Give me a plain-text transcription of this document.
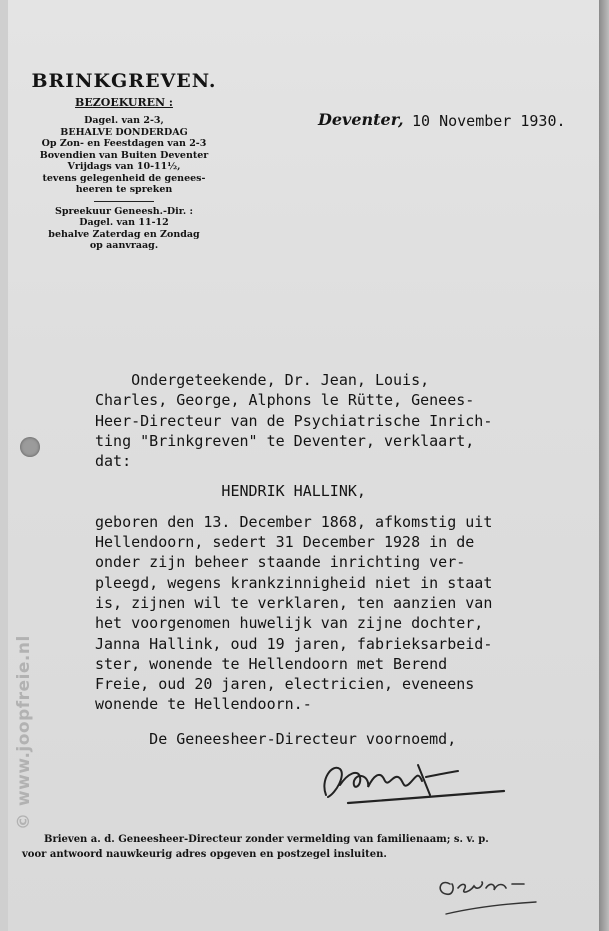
BRINKGREVEN.
BEZOEKUREN :
Dagel. van 2-3,
BEHALVE DONDERDAG
Op Zon- en Feestdagen van 2-3
Bovendien van Buiten Deventer
Vrijdags van 10-11½,
tevens gelegenheid de genees-
heeren te spreken
Spreekuur Geneesh.-Dir. :
Dagel. van 11-12
behalve Zaterdag en Zondag
op aanvraag.
Deventer, 10 November 1930.
Ondergeteekende, Dr. Jean, Louis,
Charles, George, Alphons le Rütte, Genees-
Heer-Directeur van de Psychiatrische Inrich-
ting "Brinkgreven" te Deventer, verklaart,
dat:
HENDRIK HALLINK,
geboren den 13. December 1868, afkomstig uit
Hellendoorn, sedert 31 December 1928 in de
onder zijn beheer staande inrichting ver-
pleegd, wegens krankzinnigheid niet in staat
is, zijnen wil te verklaren, ten aanzien van
het voorgenomen huwelijk van zijne dochter,
Janna Hallink, oud 19 jaren, fabrieksarbeid-
ster, wonende te Hellendoorn met Berend
Freie, oud 20 jaren, electricien, eveneens
wonende te Hellendoorn.-
De Geneesheer-Directeur voornoemd,
Brieven a. d. Geneesheer-Directeur zonder vermelding van familienaam; s. v. p.
voor antwoord nauwkeurig adres opgeven en postzegel insluiten.
© www.joopfreie.nl
